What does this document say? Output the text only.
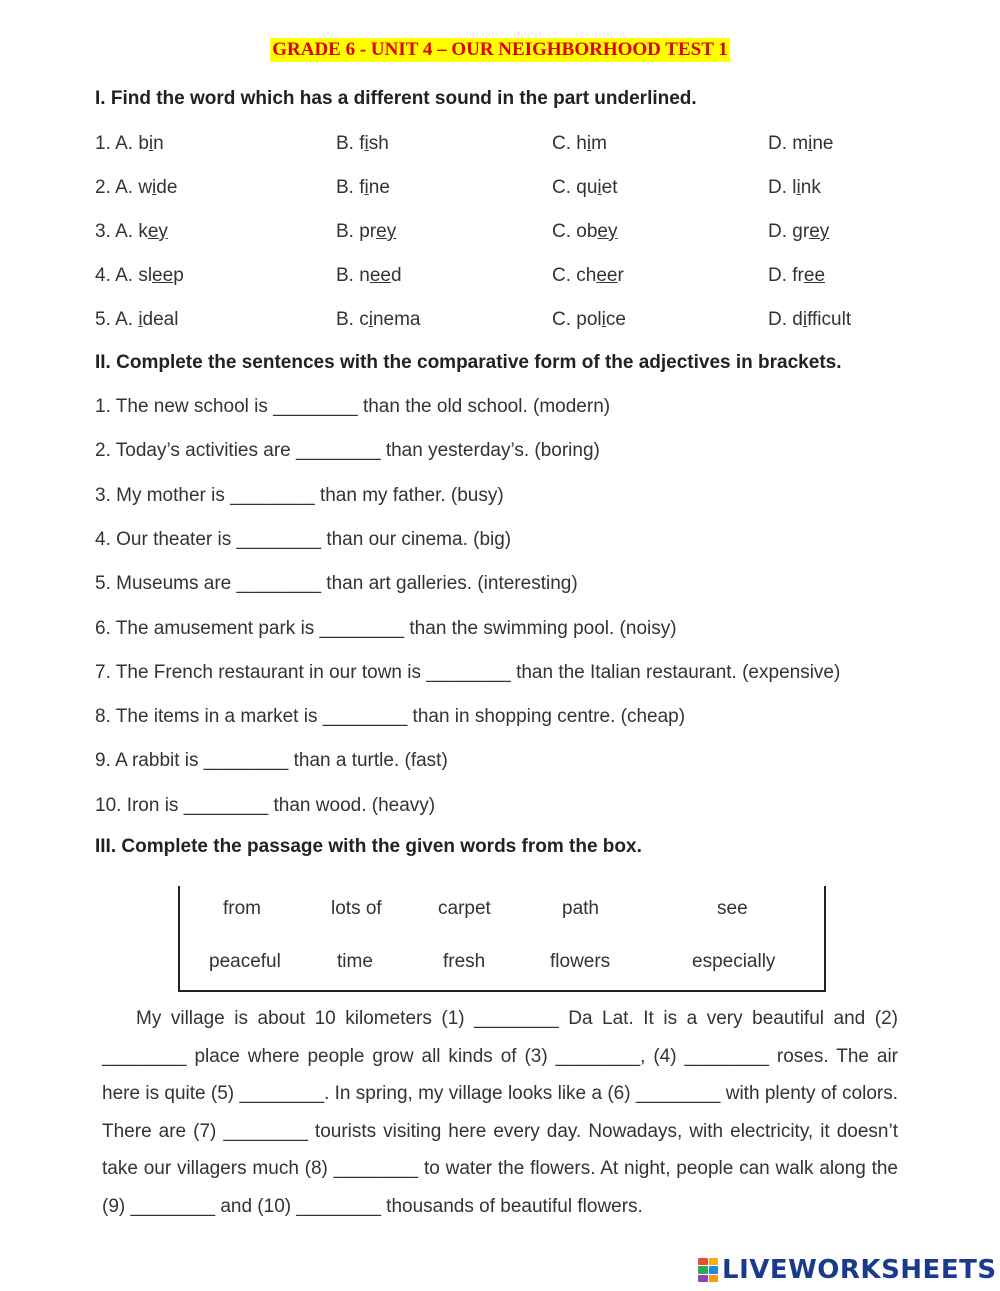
GRADE 6 - UNIT 4 – OUR NEIGHBORHOOD TEST 1
I. Find the word which has a different sound in the part underlined.
1. A. bin	B. fish	C. him	D. mine
2. A. wide	B. fine	C. quiet	D. link
3. A. key	B. prey	C. obey	D. grey
4. A. sleep	B. need	C. cheer	D. free
5. A. ideal	B. cinema	C. police	D. difficult
II. Complete the sentences with the comparative form of the adjectives in brackets.
1. The new school is ________ than the old school. (modern)
2. Today’s activities are ________ than yesterday’s. (boring)
3. My mother is ________ than my father. (busy)
4. Our theater is ________ than our cinema. (big)
5. Museums are ________ than art galleries. (interesting)
6. The amusement park is ________ than the swimming pool. (noisy)
7. The French restaurant in our town is ________ than the Italian restaurant. (expensive)
8. The items in a market is ________ than in shopping centre. (cheap)
9. A rabbit is ________ than a turtle. (fast)
10. Iron is ________ than wood. (heavy)
III. Complete the passage with the given words from the box.
from	lots of	carpet	path	see
peaceful	time	fresh	flowers	especially

My village is about 10 kilometers (1) ________ Da Lat. It is a very beautiful and (2) ________ place where people grow all kinds of (3) ________, (4) ________ roses. The air here is quite (5) ________. In spring, my village looks like a (6) ________ with plenty of colors. There are (7) ________ tourists visiting here every day. Nowadays, with electricity, it doesn’t take our villagers much (8) ________ to water the flowers. At night, people can walk along the (9) ________ and (10) ________ thousands of beautiful flowers.

LIVEWORKSHEETS
